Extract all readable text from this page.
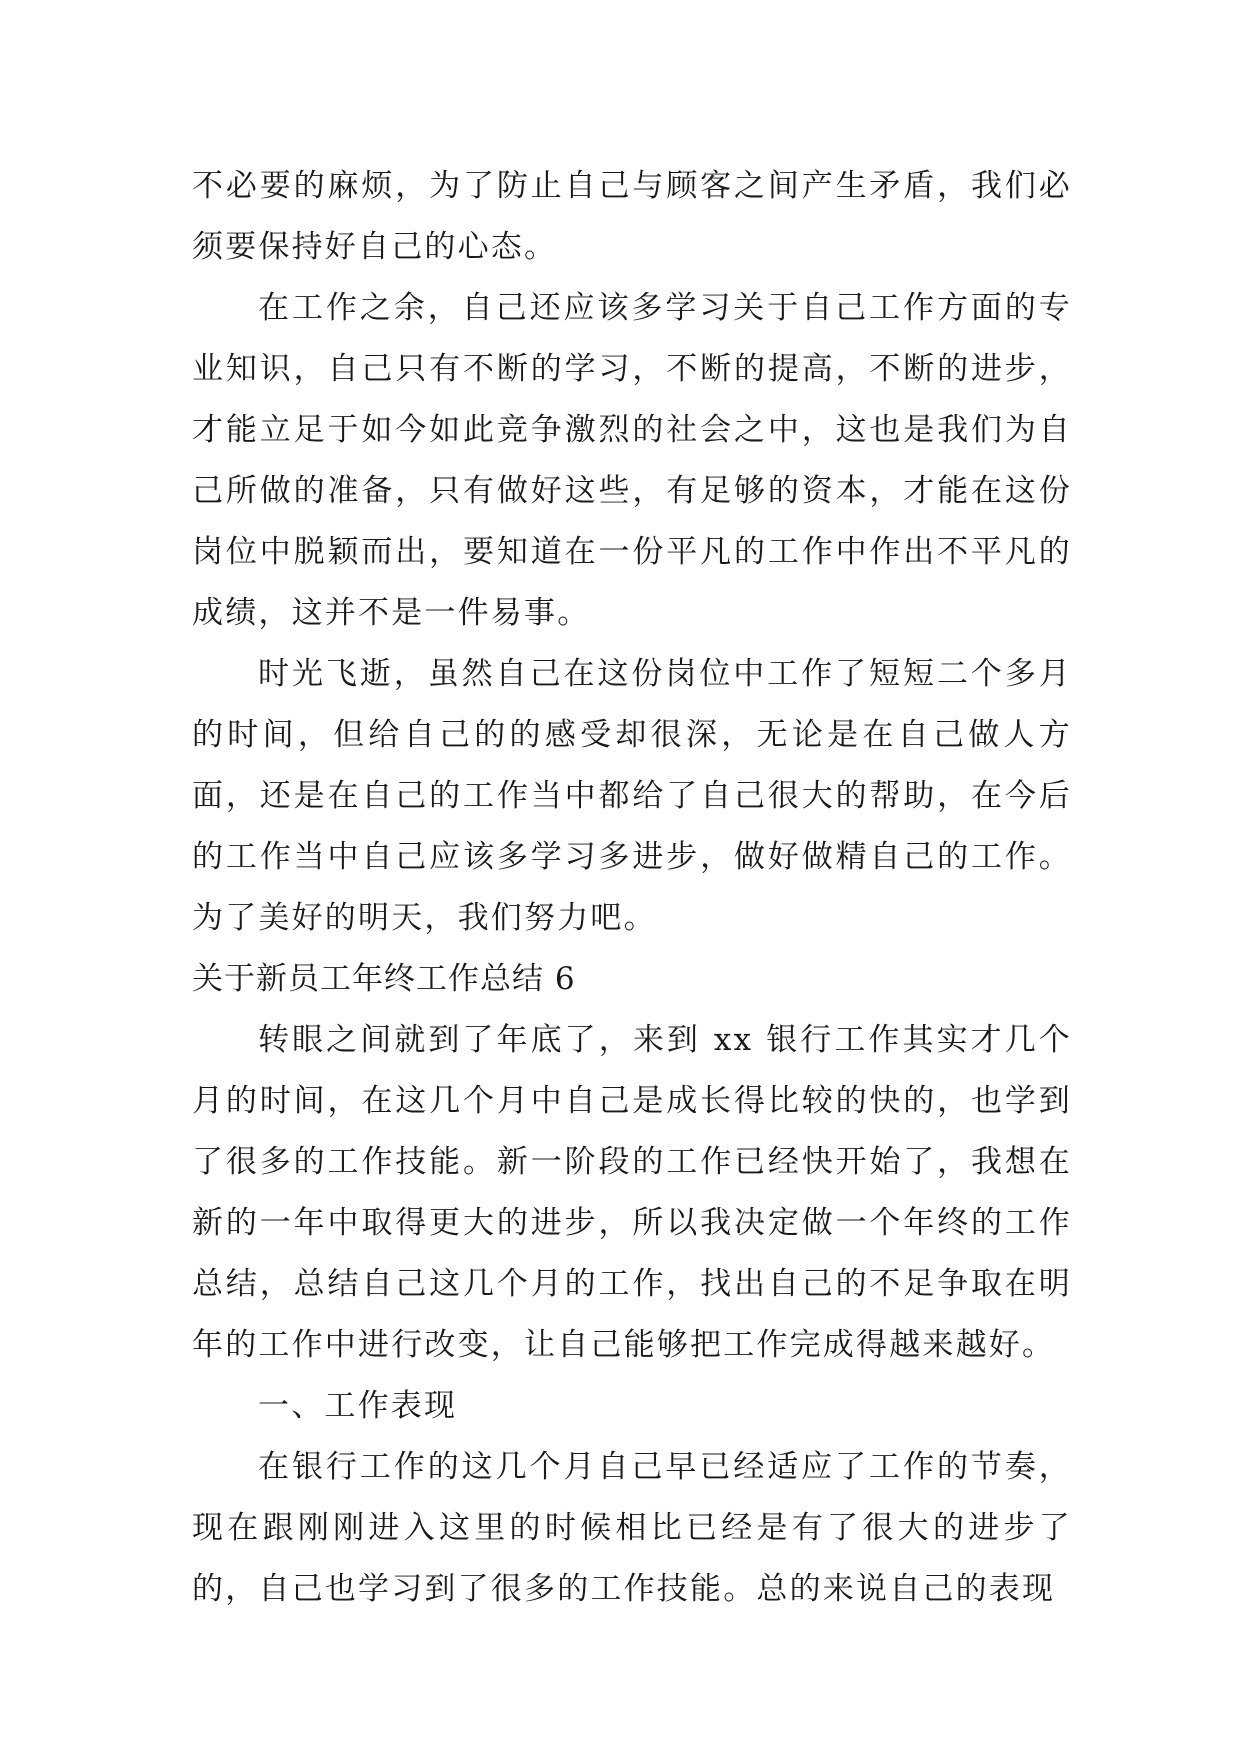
不必要的麻烦，为了防止自己与顾客之间产生矛盾，我们必须要保持好自己的心态。

在工作之余，自己还应该多学习关于自己工作方面的专业知识，自己只有不断的学习，不断的提高，不断的进步，才能立足于如今如此竞争激烈的社会之中，这也是我们为自己所做的准备，只有做好这些，有足够的资本，才能在这份岗位中脱颖而出，要知道在一份平凡的工作中作出不平凡的成绩，这并不是一件易事。

时光飞逝，虽然自己在这份岗位中工作了短短二个多月的时间，但给自己的的感受却很深，无论是在自己做人方面，还是在自己的工作当中都给了自己很大的帮助，在今后的工作当中自己应该多学习多进步，做好做精自己的工作。为了美好的明天，我们努力吧。

关于新员工年终工作总结 6

转眼之间就到了年底了，来到 xx 银行工作其实才几个月的时间，在这几个月中自己是成长得比较的快的，也学到了很多的工作技能。新一阶段的工作已经快开始了，我想在新的一年中取得更大的进步，所以我决定做一个年终的工作总结，总结自己这几个月的工作，找出自己的不足争取在明年的工作中进行改变，让自己能够把工作完成得越来越好。

一、工作表现

在银行工作的这几个月自己早已经适应了工作的节奏，现在跟刚刚进入这里的时候相比已经是有了很大的进步了的，自己也学习到了很多的工作技能。总的来说自己的表现
